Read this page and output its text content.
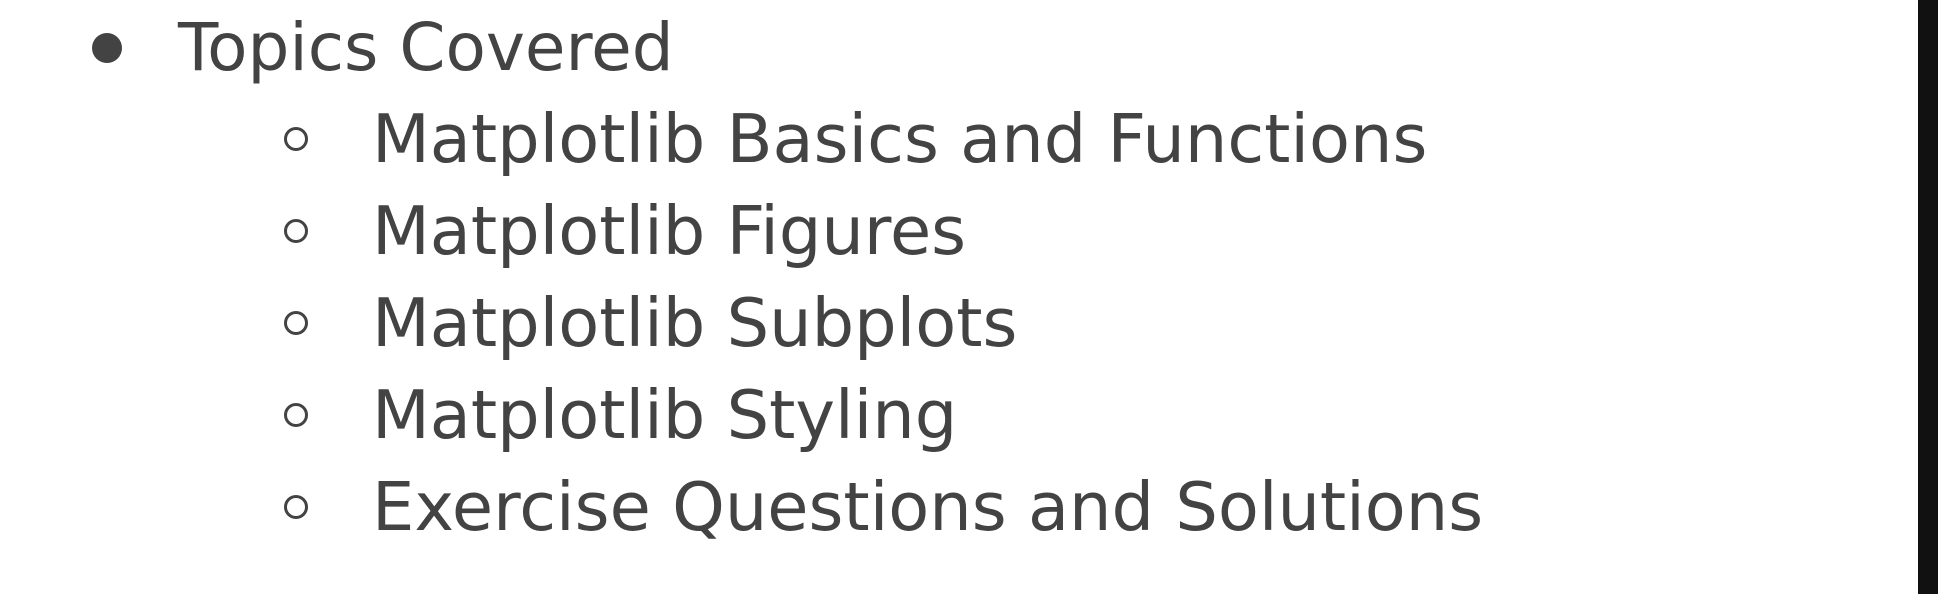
Topics Covered
Matplotlib Basics and Functions
Matplotlib Figures
Matplotlib Subplots
Matplotlib Styling
Exercise Questions and Solutions
